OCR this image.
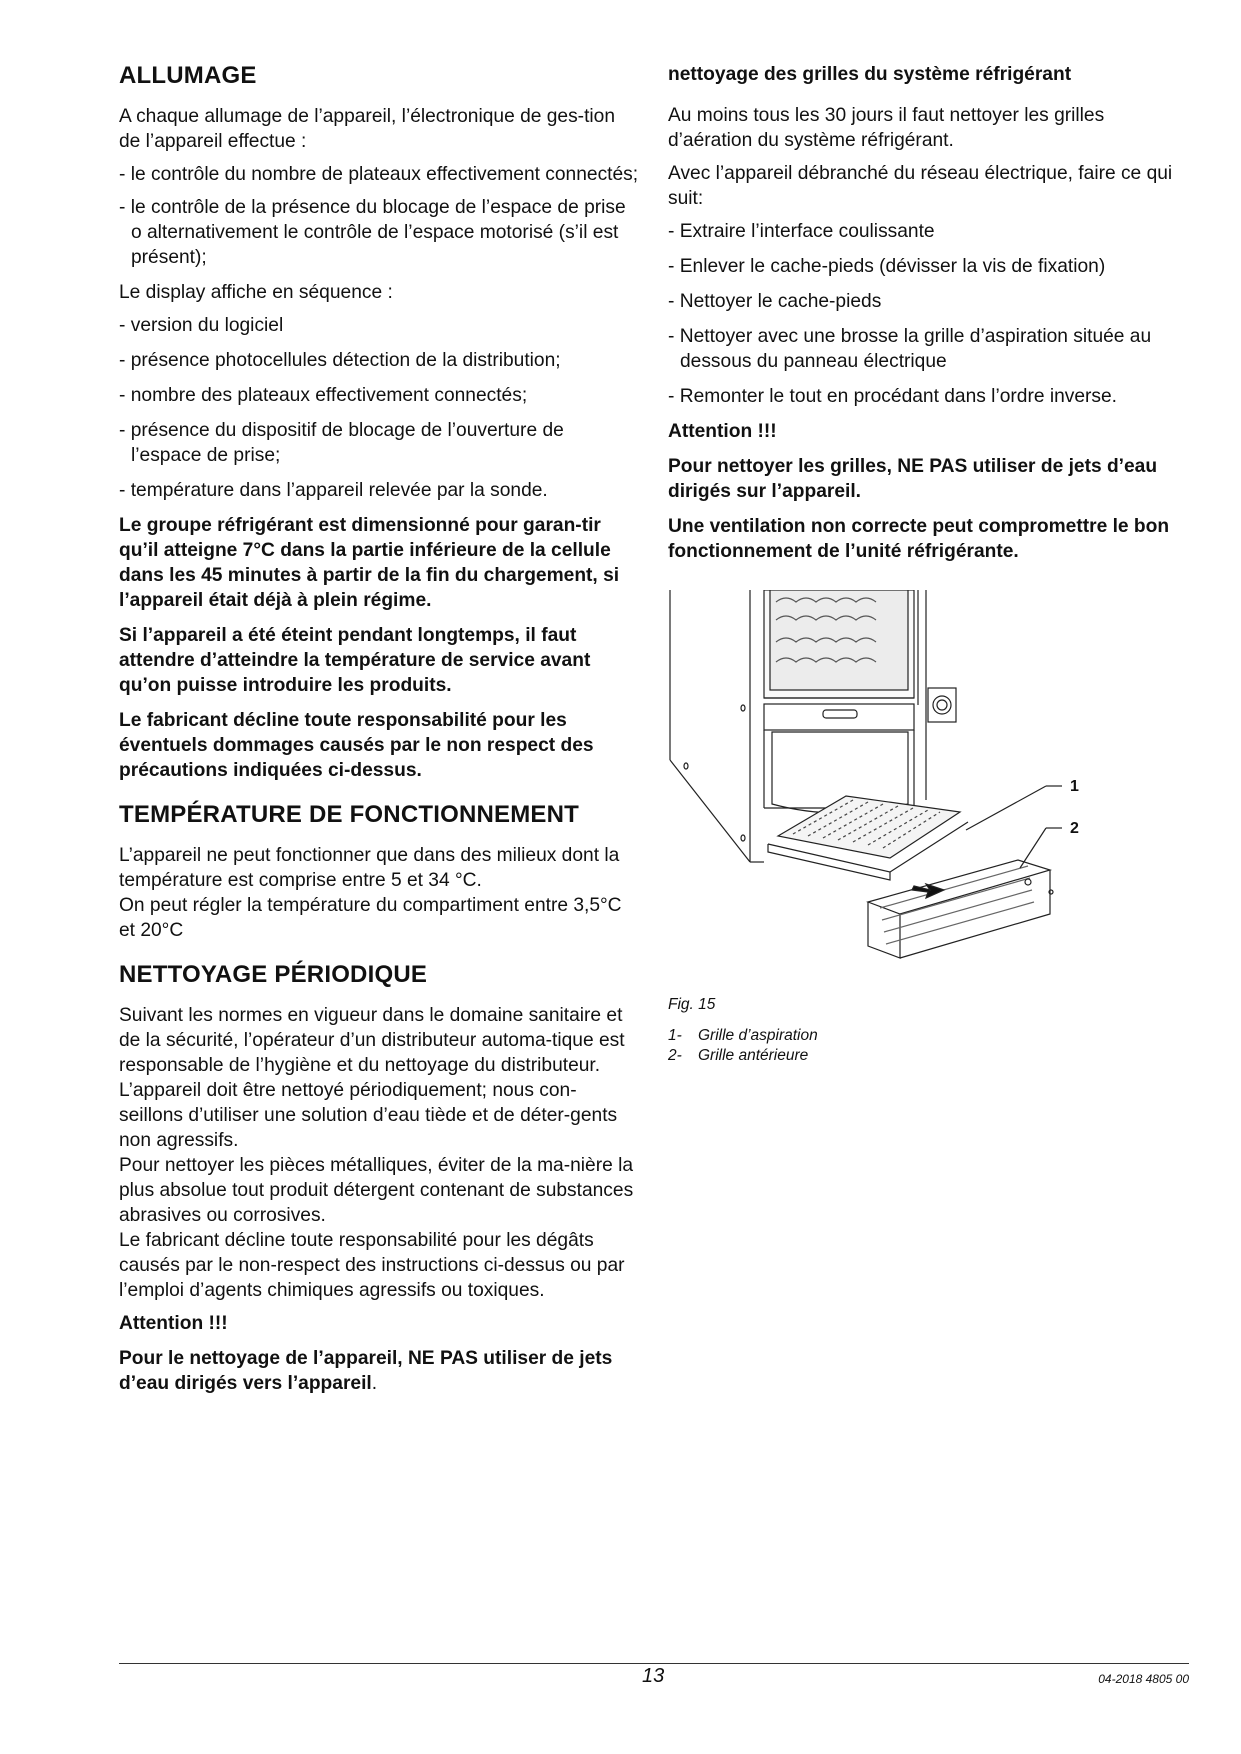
ALLUMAGE

A chaque allumage de l’appareil, l’électronique de ges-tion de l’appareil effectue :

- le contrôle du nombre de plateaux effectivement connectés;

- le contrôle de la présence du blocage de l’espace de prise o alternativement le contrôle de l’espace motorisé (s’il est présent);

Le display affiche en séquence :

- version du logiciel

- présence photocellules détection de la distribution;

- nombre des plateaux effectivement connectés;

- présence du dispositif de blocage de l’ouverture de l’espace de prise;

- température dans l’appareil relevée par la sonde.

Le groupe réfrigérant est dimensionné pour garan-tir qu’il atteigne 7°C dans la partie inférieure de la cellule dans les 45 minutes à partir de la fin du chargement, si l’appareil était déjà à plein régime.

Si l’appareil a été éteint pendant longtemps, il faut attendre d’atteindre la température de service avant qu’on puisse introduire les produits.

Le fabricant décline toute responsabilité pour les éventuels dommages causés par le non respect des précautions indiquées ci-dessus.

TEMPÉRATURE DE FONCTIONNEMENT

L’appareil ne peut fonctionner que dans des milieux dont la température est comprise entre 5 et 34 °C.
On peut régler la température du compartiment entre 3,5°C et 20°C

NETTOYAGE PÉRIODIQUE

Suivant les normes en vigueur dans le domaine sanitaire et de la sécurité, l’opérateur d’un distributeur automa-tique est responsable de l’hygiène et du nettoyage du distributeur.
L’appareil doit être nettoyé périodiquement; nous con-seillons d’utiliser une solution d’eau tiède et de déter-gents non agressifs.
Pour nettoyer les pièces métalliques, éviter de la ma-nière la plus absolue tout produit détergent contenant de substances abrasives ou corrosives.
Le fabricant décline toute responsabilité pour les dégâts causés par le non-respect des instructions ci-dessus ou par l’emploi d’agents chimiques agressifs ou toxiques.

Attention !!!

Pour le nettoyage de l’appareil, NE PAS utiliser de jets d’eau dirigés vers l’appareil.

nettoyage des grilles du système réfrigérant

Au moins tous les 30 jours il faut nettoyer les grilles d’aération du système réfrigérant.

Avec l’appareil débranché du réseau électrique, faire ce qui suit:

- Extraire l’interface coulissante

- Enlever le cache-pieds (dévisser la vis de fixation)

- Nettoyer le cache-pieds

- Nettoyer avec une brosse la grille d’aspiration située au dessous du panneau électrique

- Remonter le tout en procédant dans l’ordre inverse.

Attention !!!

Pour nettoyer les grilles, NE PAS utiliser de jets d’eau dirigés sur l’appareil.

Une ventilation non correcte peut compromettre le bon fonctionnement de l’unité réfrigérante.

1
2
Fig. 15
1- Grille d’aspiration
2- Grille antérieure
13	04-2018 4805 00
